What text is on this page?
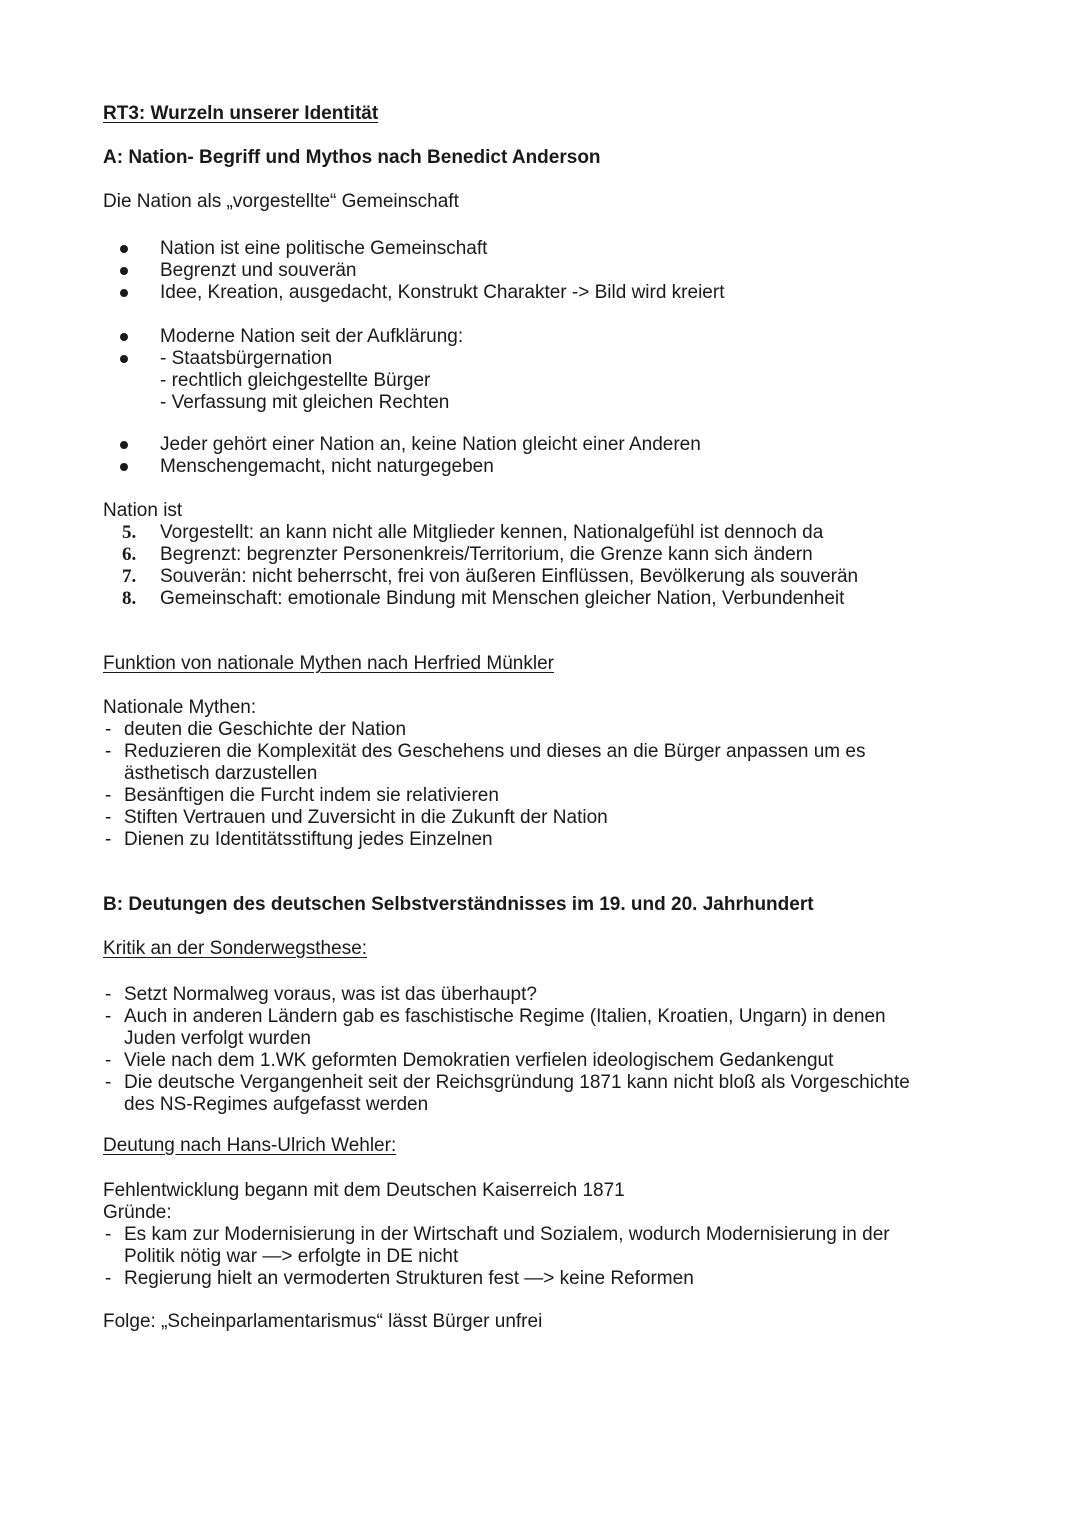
RT3: Wurzeln unserer Identität
A: Nation- Begriff und Mythos nach Benedict Anderson
Die Nation als „vorgestellte“ Gemeinschaft
Nation ist eine politische Gemeinschaft
Begrenzt und souverän
Idee, Kreation, ausgedacht, Konstrukt Charakter -> Bild wird kreiert
Moderne Nation seit der Aufklärung:
- Staatsbürgernation
- rechtlich gleichgestellte Bürger
- Verfassung mit gleichen Rechten
Jeder gehört einer Nation an, keine Nation gleicht einer Anderen
Menschengemacht, nicht naturgegeben
Nation ist
5. Vorgestellt: an kann nicht alle Mitglieder kennen, Nationalgefühl ist dennoch da
6. Begrenzt: begrenzter Personenkreis/Territorium, die Grenze kann sich ändern
7. Souverän: nicht beherrscht, frei von äußeren Einflüssen, Bevölkerung als souverän
8. Gemeinschaft: emotionale Bindung mit Menschen gleicher Nation, Verbundenheit
Funktion von nationale Mythen nach Herfried Münkler
Nationale Mythen:
- deuten die Geschichte der Nation
- Reduzieren die Komplexität des Geschehens und dieses an die Bürger anpassen um es
ästhetisch darzustellen
- Besänftigen die Furcht indem sie relativieren
- Stiften Vertrauen und Zuversicht in die Zukunft der Nation
- Dienen zu Identitätsstiftung jedes Einzelnen
B: Deutungen des deutschen Selbstverständnisses im 19. und 20. Jahrhundert
Kritik an der Sonderwegsthese:
- Setzt Normalweg voraus, was ist das überhaupt?
- Auch in anderen Ländern gab es faschistische Regime (Italien, Kroatien, Ungarn) in denen
Juden verfolgt wurden
- Viele nach dem 1.WK geformten Demokratien verfielen ideologischem Gedankengut
- Die deutsche Vergangenheit seit der Reichsgründung 1871 kann nicht bloß als Vorgeschichte
des NS-Regimes aufgefasst werden
Deutung nach Hans-Ulrich Wehler:
Fehlentwicklung begann mit dem Deutschen Kaiserreich 1871
Gründe:
- Es kam zur Modernisierung in der Wirtschaft und Sozialem, wodurch Modernisierung in der
Politik nötig war —> erfolgte in DE nicht
- Regierung hielt an vermoderten Strukturen fest —> keine Reformen
Folge: „Scheinparlamentarismus“ lässt Bürger unfrei
